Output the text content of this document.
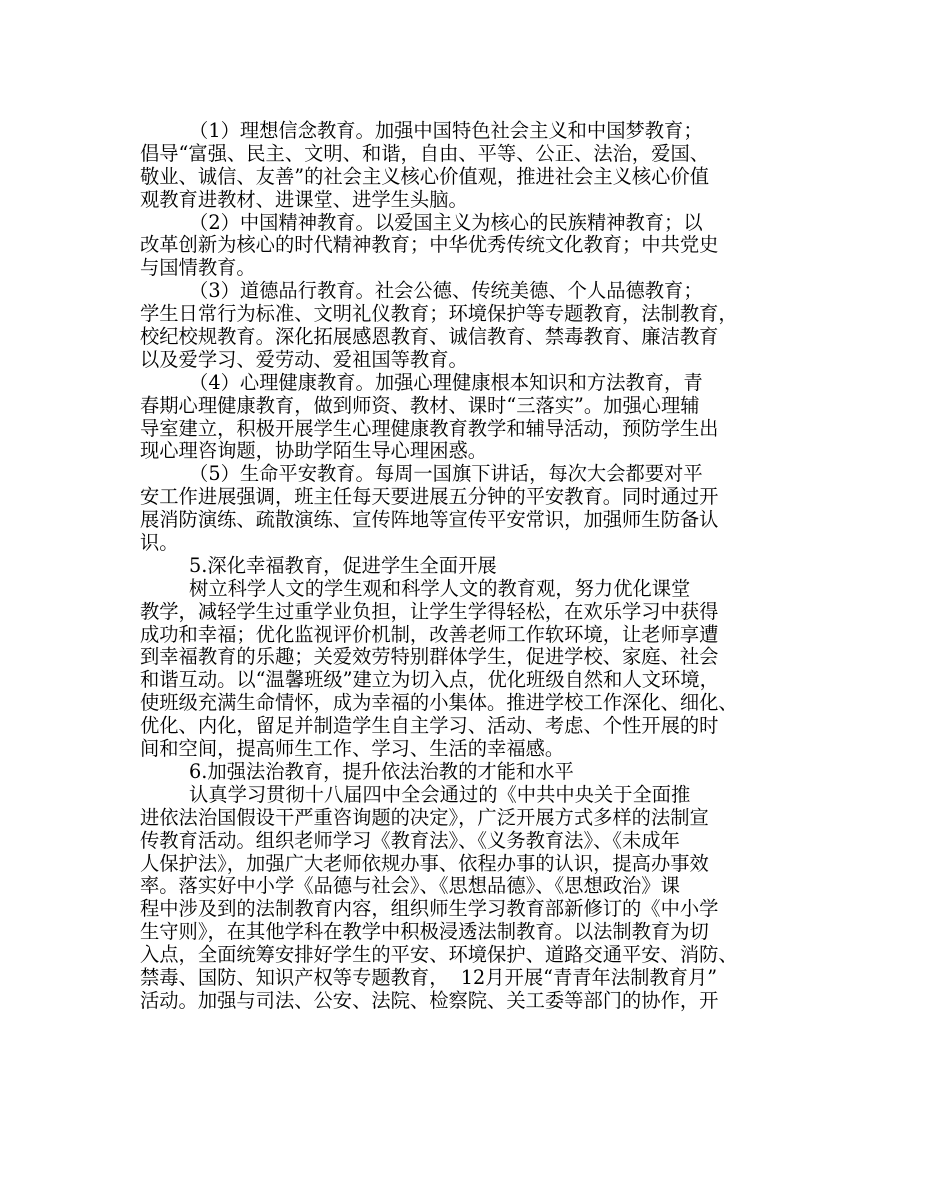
（1）理想信念教育。加强中国特色社会主义和中国梦教育；
倡导“富强、民主、文明、和谐，自由、平等、公正、法治，爱国、
敬业、诚信、友善”的社会主义核心价值观，推进社会主义核心价值
观教育进教材、进课堂、进学生头脑。
（2）中国精神教育。以爱国主义为核心的民族精神教育；以
改革创新为核心的时代精神教育；中华优秀传统文化教育；中共党史
与国情教育。
（3）道德品行教育。社会公德、传统美德、个人品德教育；
学生日常行为标准、文明礼仪教育；环境保护等专题教育，法制教育，
校纪校规教育。深化拓展感恩教育、诚信教育、禁毒教育、廉洁教育
以及爱学习、爱劳动、爱祖国等教育。
（4）心理健康教育。加强心理健康根本知识和方法教育，青
春期心理健康教育，做到师资、教材、课时“三落实”。加强心理辅
导室建立，积极开展学生心理健康教育教学和辅导活动，预防学生出
现心理咨询题，协助学陌生导心理困惑。
（5）生命平安教育。每周一国旗下讲话，每次大会都要对平
安工作进展强调，班主任每天要进展五分钟的平安教育。同时通过开
展消防演练、疏散演练、宣传阵地等宣传平安常识，加强师生防备认
识。
5.深化幸福教育，促进学生全面开展
树立科学人文的学生观和科学人文的教育观，努力优化课堂
教学，减轻学生过重学业负担，让学生学得轻松，在欢乐学习中获得
成功和幸福；优化监视评价机制，改善老师工作软环境，让老师享遭
到幸福教育的乐趣；关爱效劳特别群体学生，促进学校、家庭、社会
和谐互动。以“温馨班级”建立为切入点，优化班级自然和人文环境，
使班级充满生命情怀，成为幸福的小集体。推进学校工作深化、细化、
优化、内化，留足并制造学生自主学习、活动、考虑、个性开展的时
间和空间，提高师生工作、学习、生活的幸福感。
6.加强法治教育，提升依法治教的才能和水平
认真学习贯彻十八届四中全会通过的《中共中央关于全面推
进依法治国假设干严重咨询题的决定》，广泛开展方式多样的法制宣
传教育活动。组织老师学习《教育法》、《义务教育法》、《未成年
人保护法》，加强广大老师依规办事、依程办事的认识，提高办事效
率。落实好中小学《品德与社会》、《思想品德》、《思想政治》课
程中涉及到的法制教育内容，组织师生学习教育部新修订的《中小学
生守则》，在其他学科在教学中积极浸透法制教育。以法制教育为切
入点，全面统筹安排好学生的平安、环境保护、道路交通平安、消防、
禁毒、国防、知识产权等专题教育，  12月开展“青青年法制教育月”
活动。加强与司法、公安、法院、检察院、关工委等部门的协作，开
